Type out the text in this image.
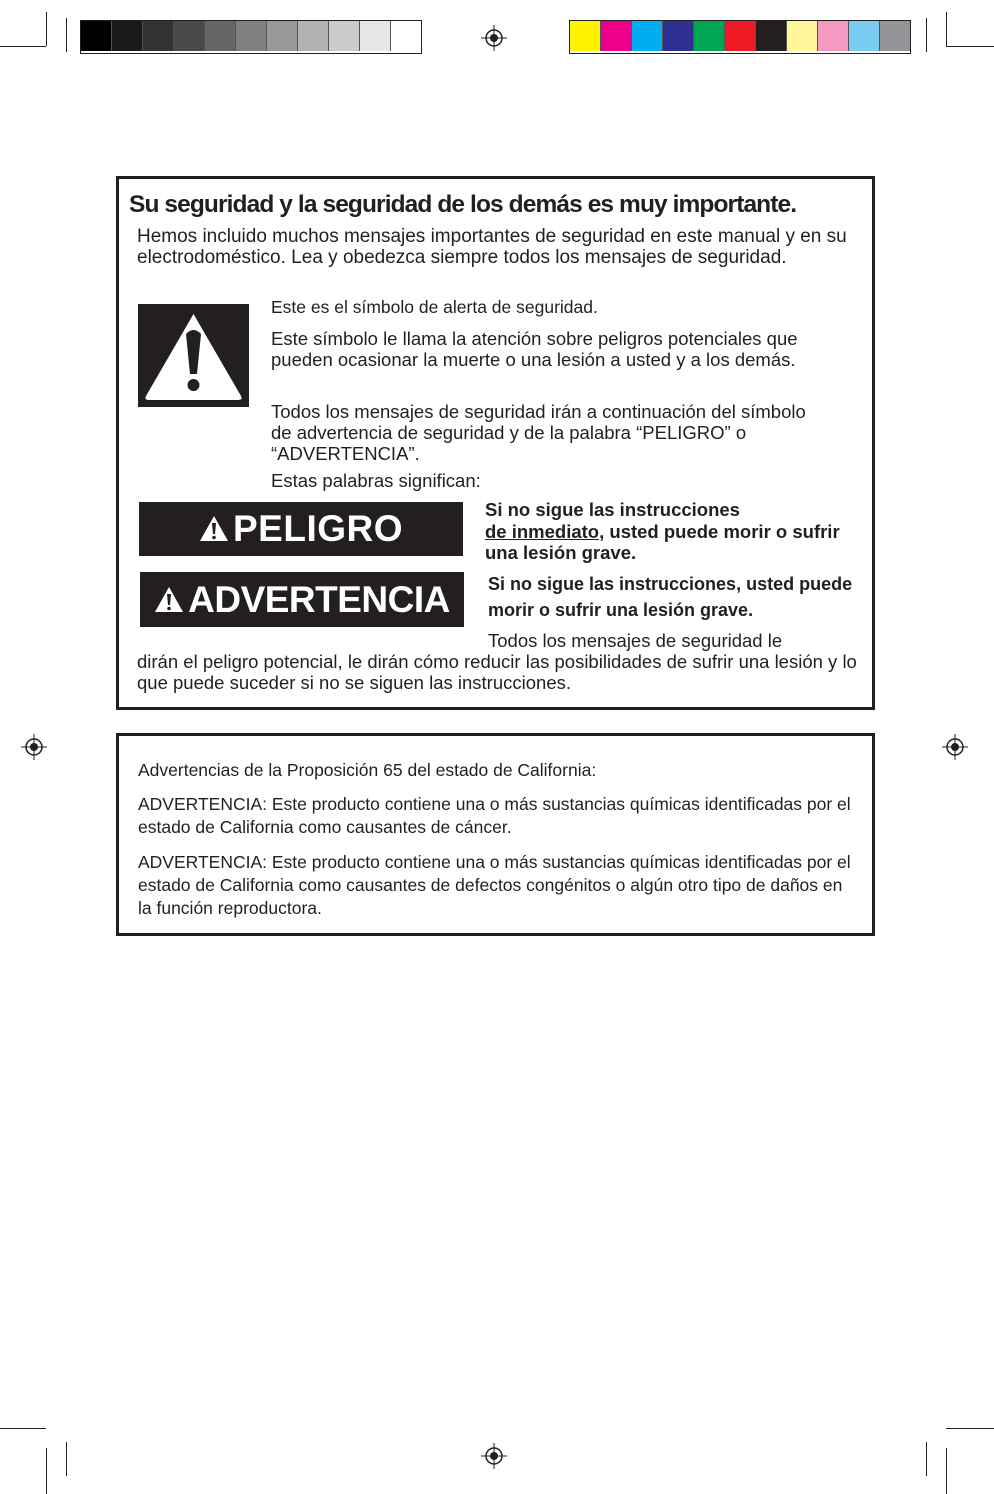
Su seguridad y la seguridad de los demás es muy importante.

Hemos incluido muchos mensajes importantes de seguridad en este manual y en su electrodoméstico. Lea y obedezca siempre todos los mensajes de seguridad.

Este es el símbolo de alerta de seguridad.

Este símbolo le llama la atención sobre peligros potenciales que pueden ocasionar la muerte o una lesión a usted y a los demás.

Todos los mensajes de seguridad irán a continuación del símbolo de advertencia de seguridad y de la palabra “PELIGRO” o “ADVERTENCIA”.

Estas palabras significan:

PELIGRO	Si no sigue las instrucciones
de inmediato, usted puede morir o sufrir una lesión grave.

ADVERTENCIA Si no sigue las instrucciones, usted puede morir o sufrir una lesión grave.

Todos los mensajes de seguridad le

dirán el peligro potencial, le dirán cómo reducir las posibilidades de sufrir una lesión y lo que puede suceder si no se siguen las instrucciones.

Advertencias de la Proposición 65 del estado de California:

ADVERTENCIA: Este producto contiene una o más sustancias químicas identificadas por el estado de California como causantes de cáncer.

ADVERTENCIA: Este producto contiene una o más sustancias químicas identificadas por el estado de California como causantes de defectos congénitos o algún otro tipo de daños en la función reproductora.
